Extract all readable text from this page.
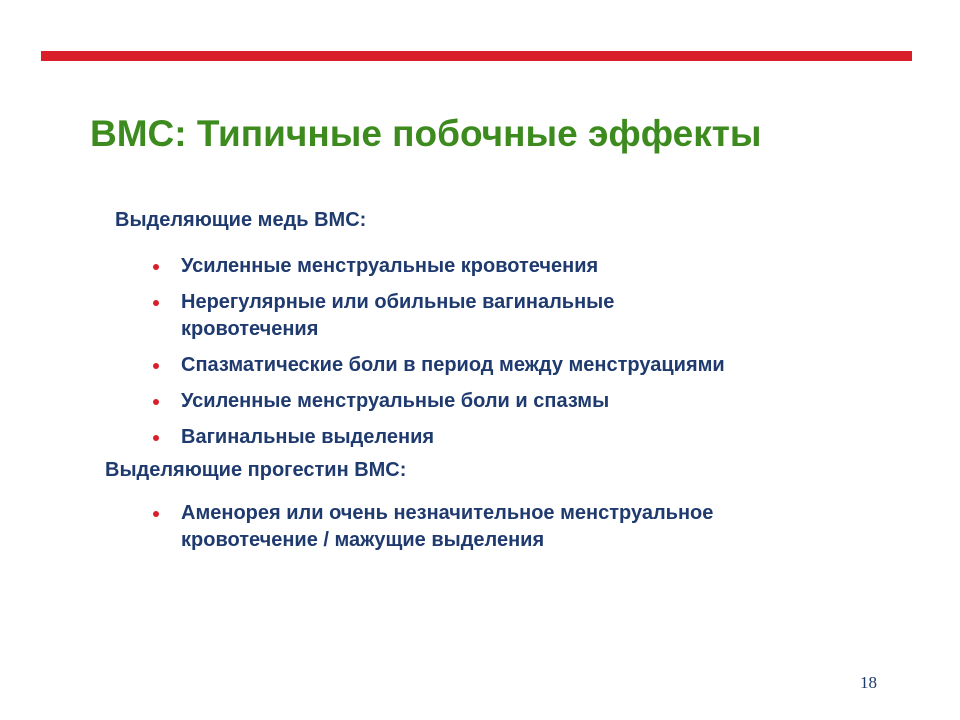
ВМС: Типичные побочные эффекты
Выделяющие медь ВМС:
Усиленные менструальные кровотечения
Нерегулярные или обильные вагинальные кровотечения
Спазматические боли в период между менструациями
Усиленные менструальные боли и спазмы
Вагинальные выделения
Выделяющие прогестин ВМС:
Аменорея или очень незначительное менструальное кровотечение / мажущие выделения
18
